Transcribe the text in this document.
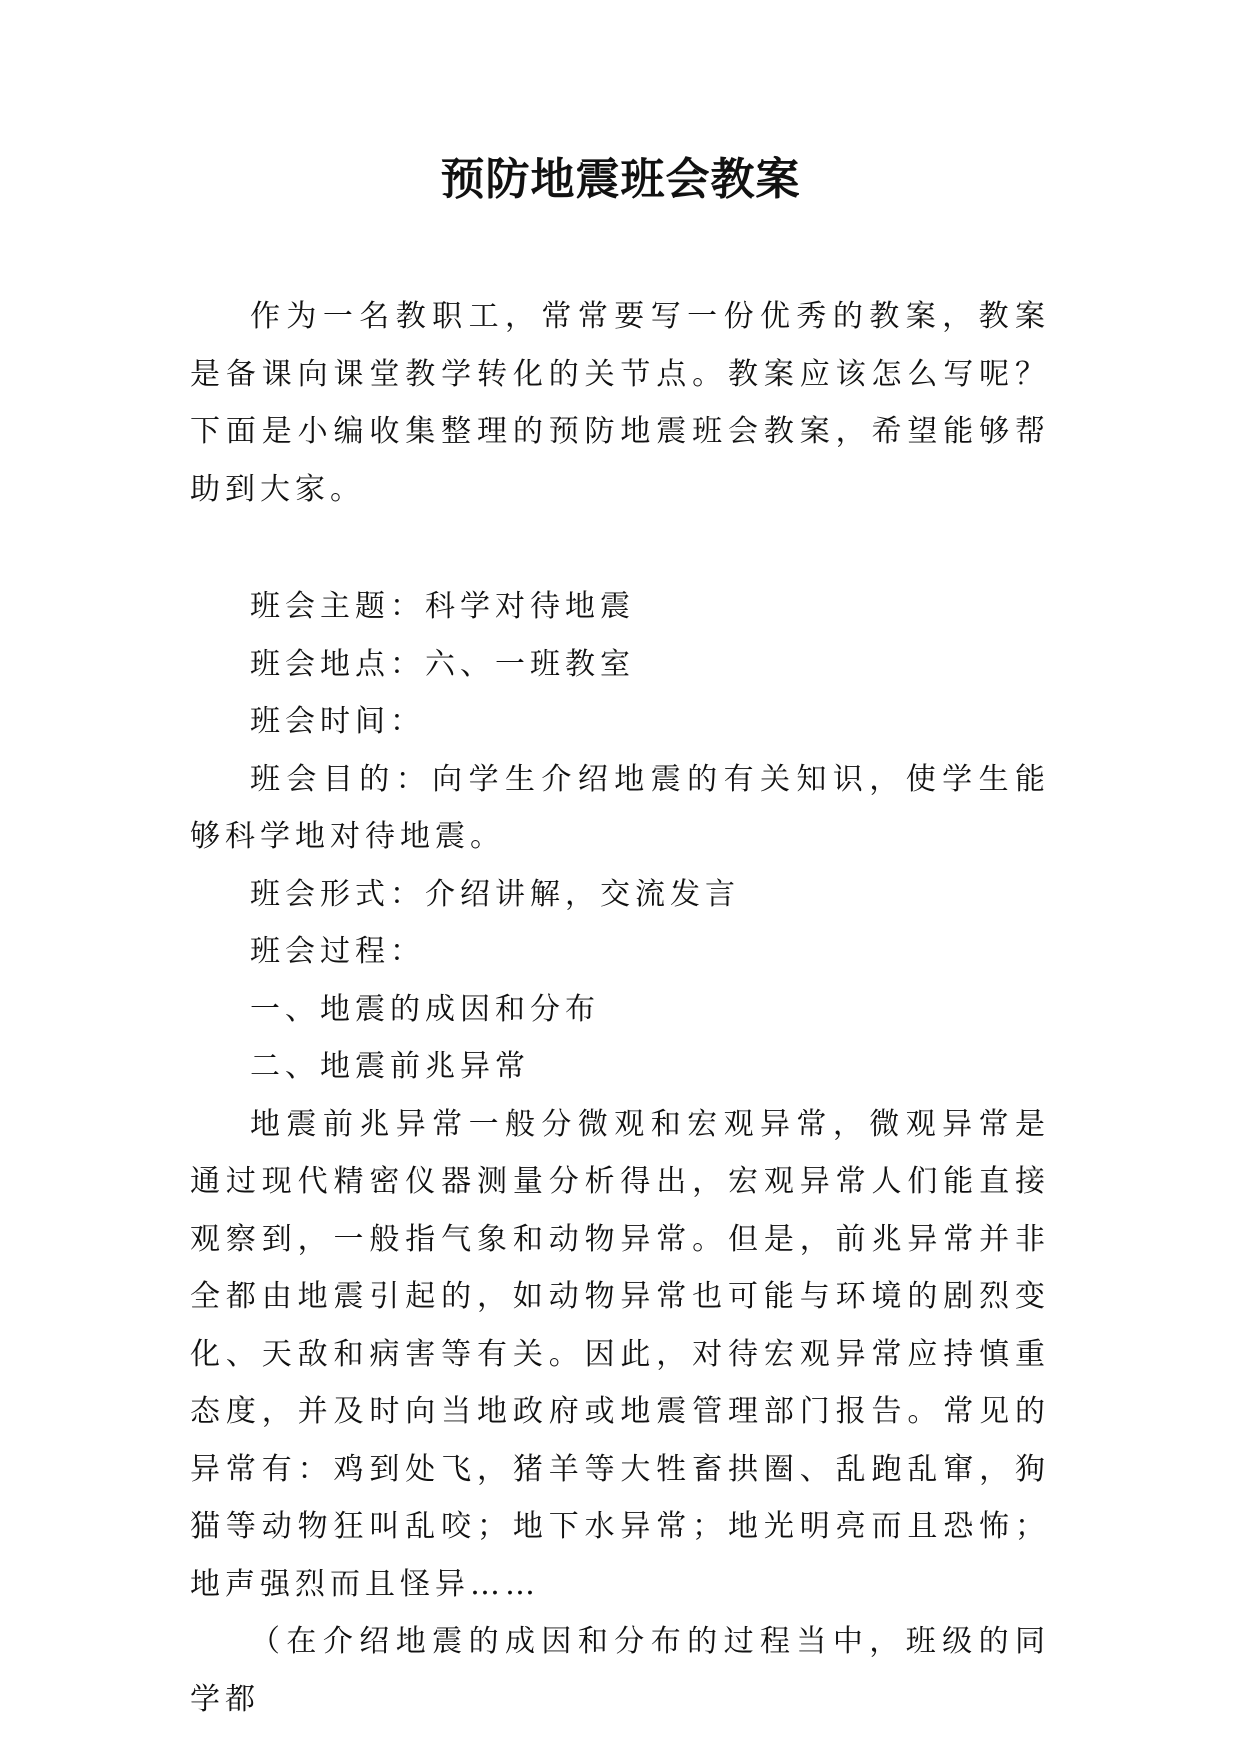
预防地震班会教案

作为一名教职工，常常要写一份优秀的教案，教案是备课向课堂教学转化的关节点。教案应该怎么写呢？下面是小编收集整理的预防地震班会教案，希望能够帮助到大家。

班会主题：科学对待地震

班会地点：六、一班教室

班会时间：

班会目的：向学生介绍地震的有关知识，使学生能够科学地对待地震。

班会形式：介绍讲解，交流发言

班会过程：

一、地震的成因和分布

二、地震前兆异常

地震前兆异常一般分微观和宏观异常，微观异常是通过现代精密仪器测量分析得出，宏观异常人们能直接观察到，一般指气象和动物异常。但是，前兆异常并非全都由地震引起的，如动物异常也可能与环境的剧烈变化、天敌和病害等有关。因此，对待宏观异常应持慎重态度，并及时向当地政府或地震管理部门报告。常见的异常有：鸡到处飞，猪羊等大牲畜拱圈、乱跑乱窜，狗猫等动物狂叫乱咬；地下水异常；地光明亮而且恐怖；地声强烈而且怪异……

（在介绍地震的成因和分布的过程当中，班级的同学都
